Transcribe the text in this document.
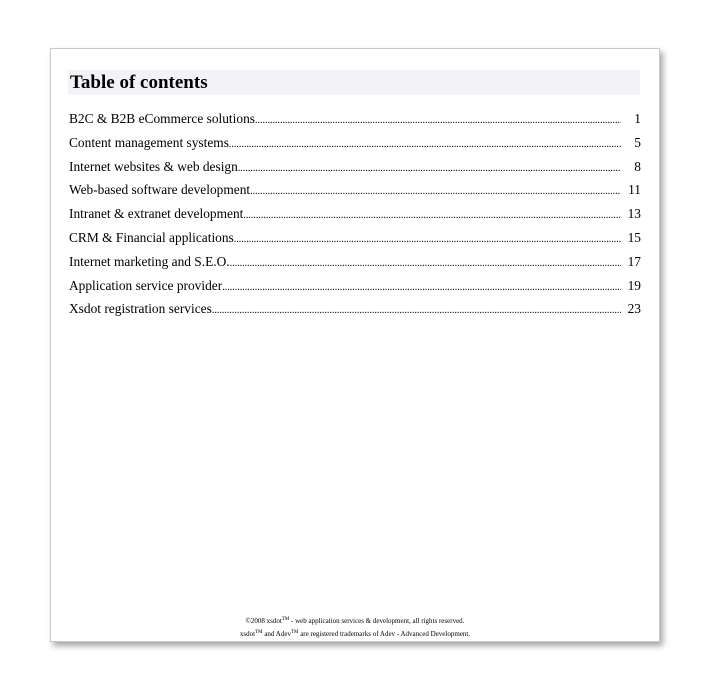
Table of contents
B2C & B2B eCommerce solutions .....	1
Content management systems .....	5
Internet websites & web design .....	8
Web-based software development .....	11
Intranet & extranet development .....	13
CRM & Financial applications .....	15
Internet marketing and S.E.O. .....	17
Application service provider .....	19
Xsdot registration services .....	23
©2008 xsdot™ - web application services & development, all rights reserved.
xsdot™ and Adev™ are registered trademarks of Adev - Advanced Development.
